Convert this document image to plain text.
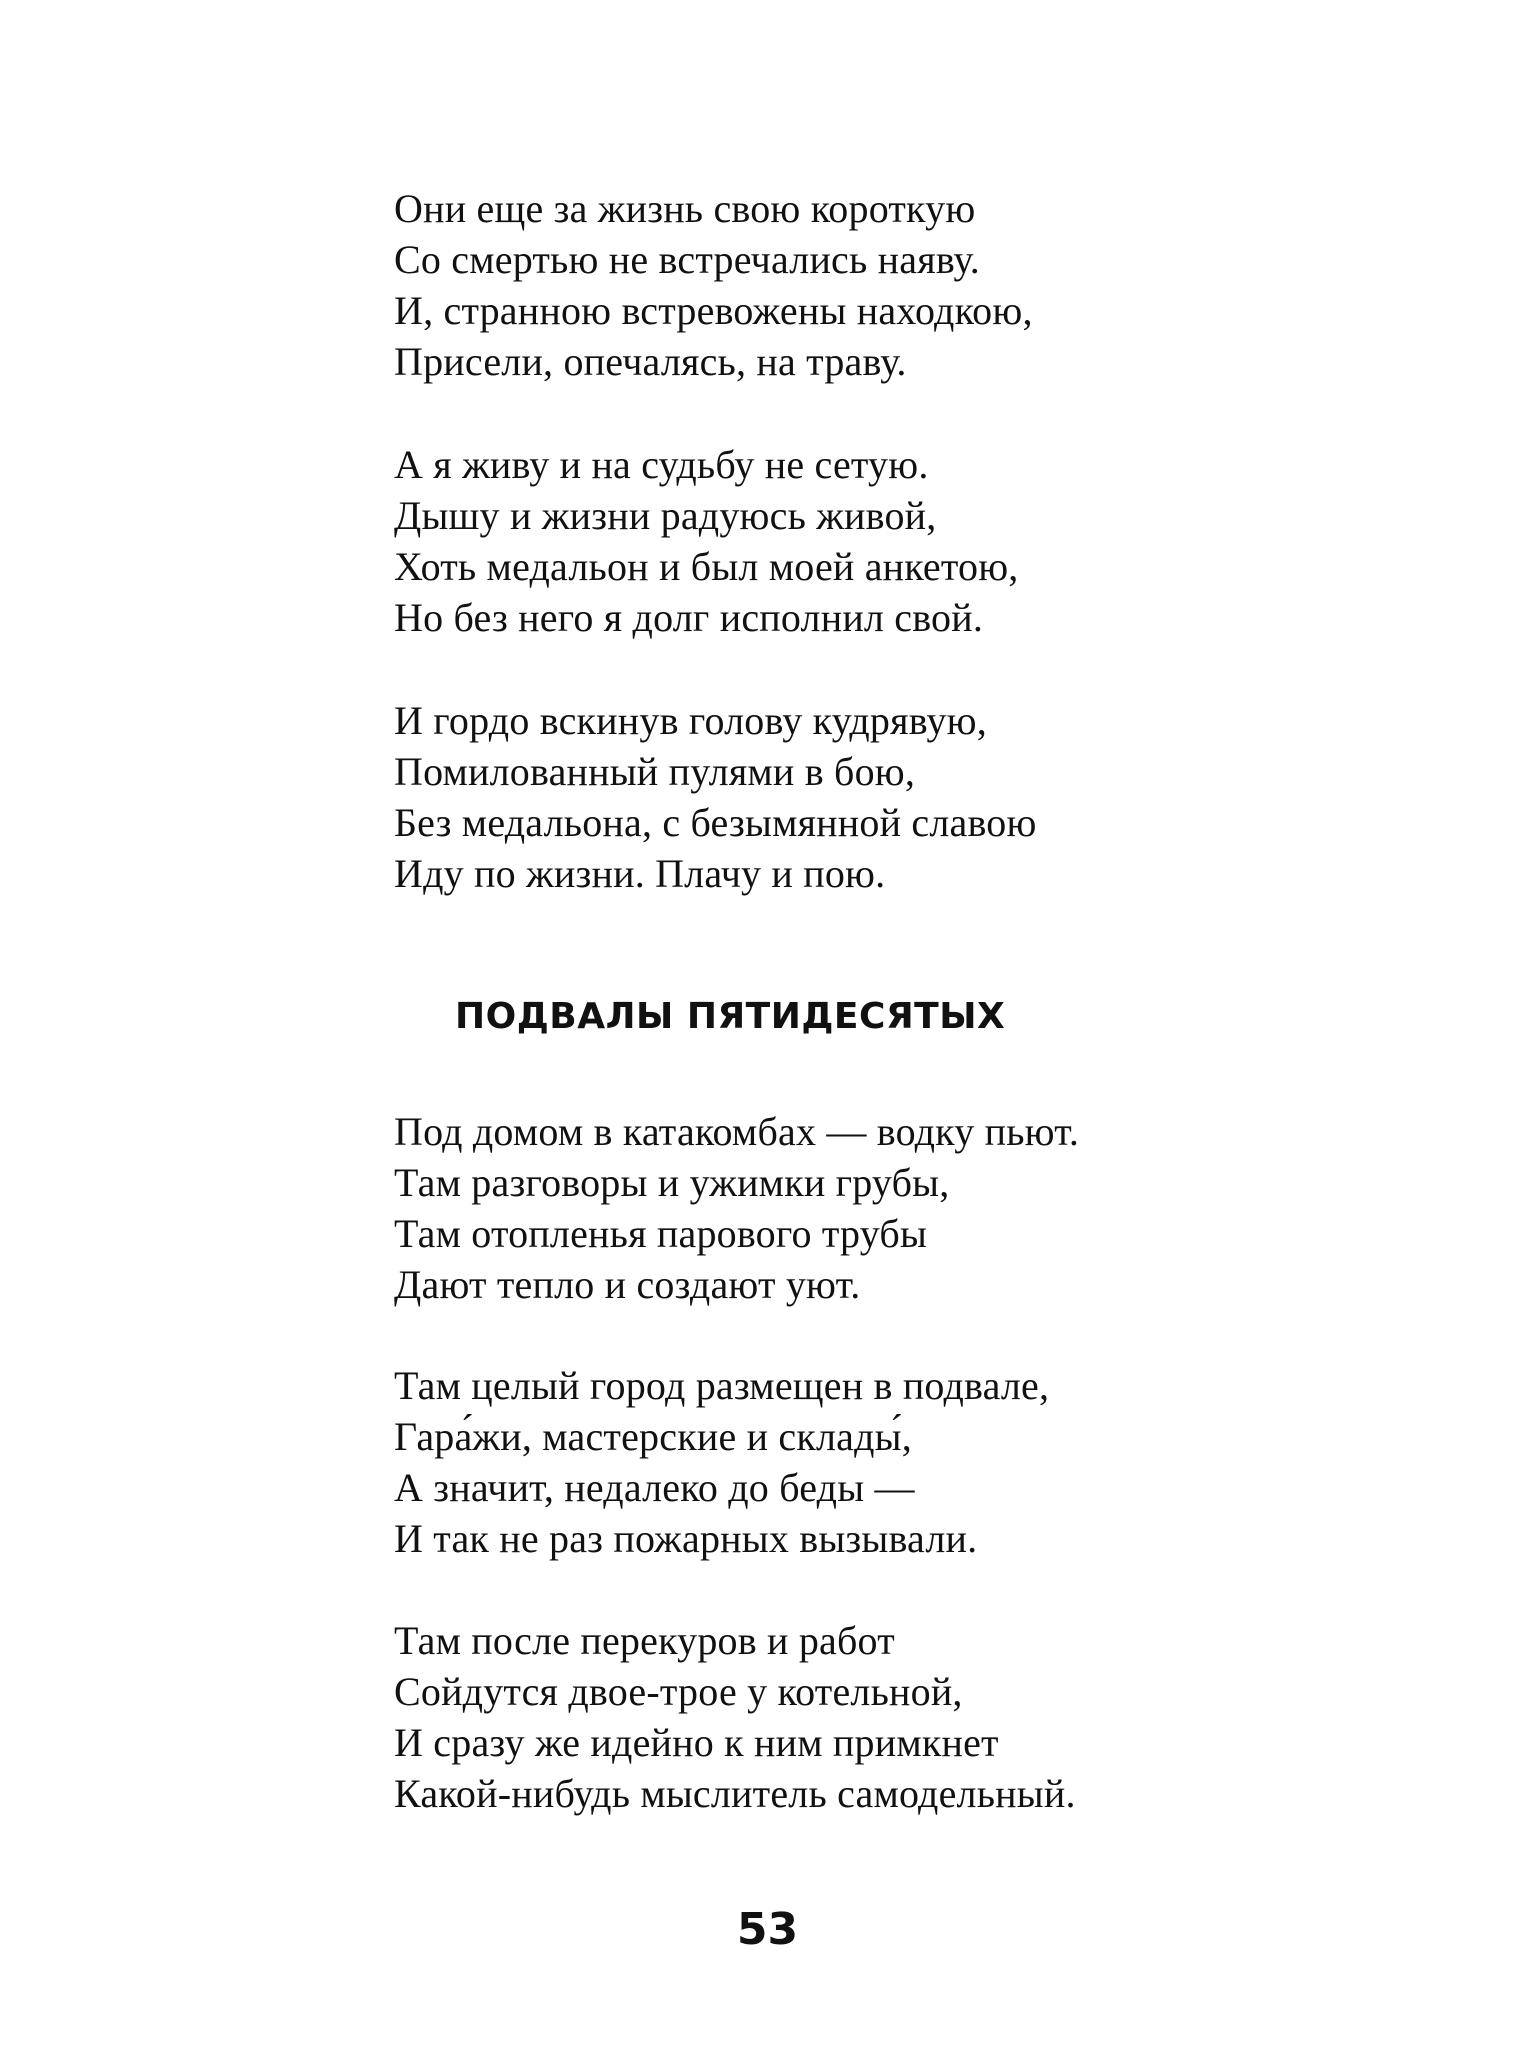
Они еще за жизнь свою короткую
Со смертью не встречались наяву.
И, странною встревожены находкою,
Присели, опечалясь, на траву.
А я живу и на судьбу не сетую.
Дышу и жизни радуюсь живой,
Хоть медальон и был моей анкетою,
Но без него я долг исполнил свой.
И гордо вскинув голову кудрявую,
Помилованный пулями в бою,
Без медальона, с безымянной славою
Иду по жизни. Плачу и пою.
ПОДВАЛЫ ПЯТИДЕСЯТЫХ
Под домом в катакомбах — водку пьют.
Там разговоры и ужимки грубы,
Там отопленья парового трубы
Дают тепло и создают уют.
Там целый город размещен в подвале,
Гара́жи, мастерские и склады́,
А значит, недалеко до беды —
И так не раз пожарных вызывали.
Там после перекуров и работ
Сойдутся двое-трое у котельной,
И сразу же идейно к ним примкнет
Какой-нибудь мыслитель самодельный.
53
